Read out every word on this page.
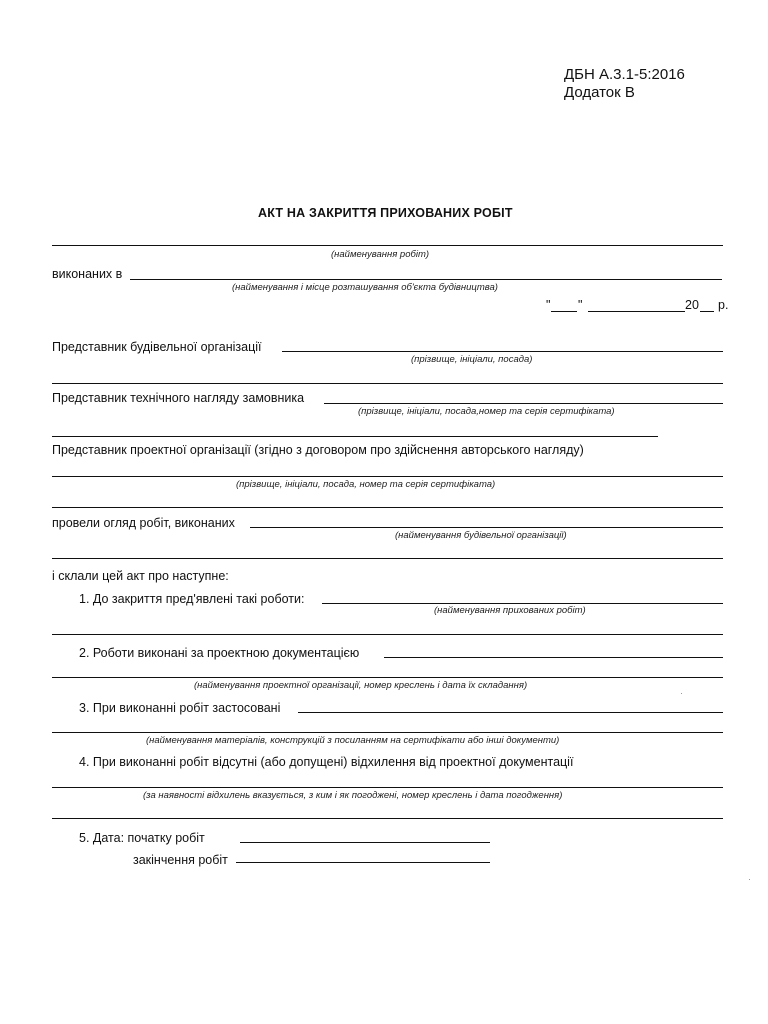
ДБН А.3.1-5:2016
Додаток В
АКТ НА ЗАКРИТТЯ ПРИХОВАНИХ РОБІТ
(найменування робіт)
виконаних в
(найменування і місце розташування об'єкта будівництва)
" "	20 р.
Представник будівельної організації
(прізвище, ініціали, посада)
Представник технічного нагляду замовника
(прізвище, ініціали, посада,номер та серія сертифіката)
Представник проектної організації (згідно з договором про здійснення авторського нагляду)
(прізвище, ініціали, посада, номер та серія сертифіката)
провели огляд робіт, виконаних
(найменування будівельної організації)
і склали цей акт про наступне:
1. До закриття пред'явлені такі роботи:
(найменування прихованих робіт)
2. Роботи виконані за проектною документацією
(найменування проектної організації, номер креслень і дата їх складання)
3. При виконанні робіт застосовані
(найменування матеріалів, конструкцій з посиланням на сертифікати або інші документи)
4. При виконанні робіт відсутні (або допущені) відхилення від проектної документації
(за наявності відхилень вказується, з ким і як погоджені, номер креслень і дата погодження)
5. Дата: початку робіт
закінчення робіт
